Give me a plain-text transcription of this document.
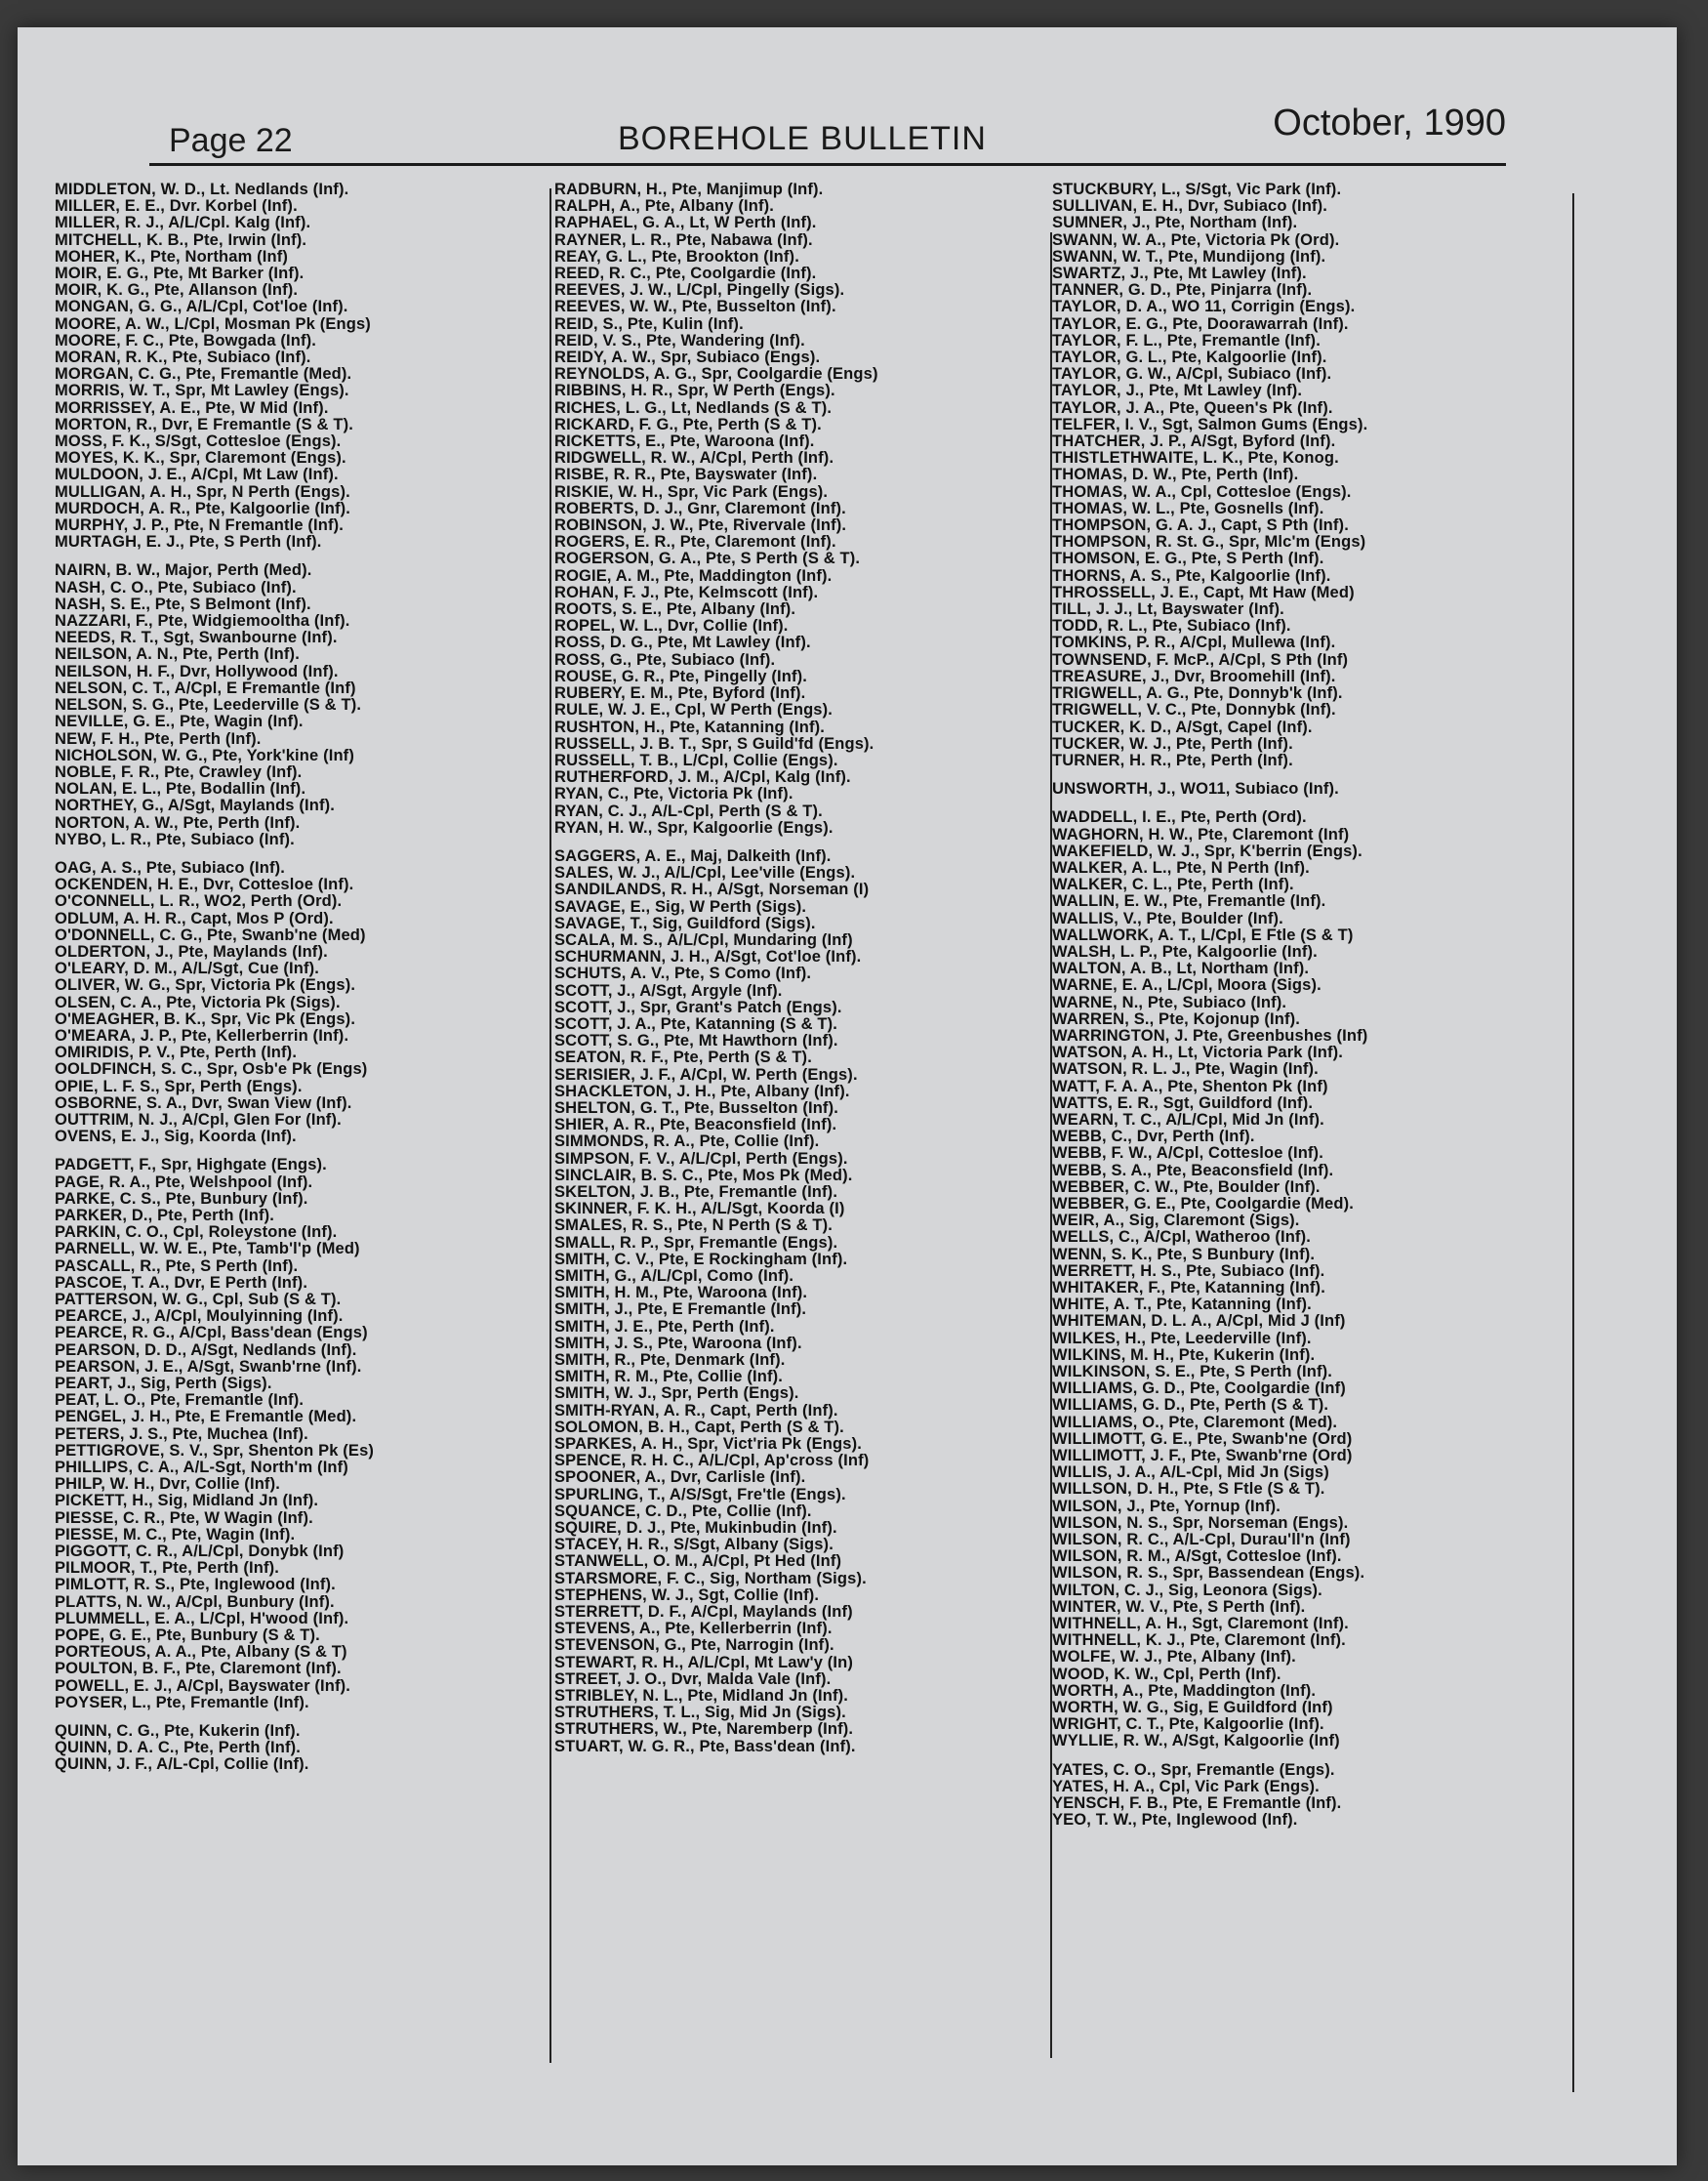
Page 22	BOREHOLE BULLETIN	October, 1990
MIDDLETON, W. D., Lt. Nedlands (Inf).
MILLER, E. E., Dvr. Korbel (Inf).
MILLER, R. J., A/L/Cpl. Kalg (Inf).
MITCHELL, K. B., Pte, Irwin (Inf).
MOHER, K., Pte, Northam (Inf)
MOIR, E. G., Pte, Mt Barker (Inf).
MOIR, K. G., Pte, Allanson (Inf).
MONGAN, G. G., A/L/Cpl, Cot'loe (Inf).
MOORE, A. W., L/Cpl, Mosman Pk (Engs)
MOORE, F. C., Pte, Bowgada (Inf).
MORAN, R. K., Pte, Subiaco (Inf).
MORGAN, C. G., Pte, Fremantle (Med).
MORRIS, W. T., Spr, Mt Lawley (Engs).
MORRISSEY, A. E., Pte, W Mid (Inf).
MORTON, R., Dvr, E Fremantle (S & T).
MOSS, F. K., S/Sgt, Cottesloe (Engs).
MOYES, K. K., Spr, Claremont (Engs).
MULDOON, J. E., A/Cpl, Mt Law (Inf).
MULLIGAN, A. H., Spr, N Perth (Engs).
MURDOCH, A. R., Pte, Kalgoorlie (Inf).
MURPHY, J. P., Pte, N Fremantle (Inf).
MURTAGH, E. J., Pte, S Perth (Inf).
NAIRN, B. W., Major, Perth (Med).
NASH, C. O., Pte, Subiaco (Inf).
NASH, S. E., Pte, S Belmont (Inf).
NAZZARI, F., Pte, Widgiemooltha (Inf).
NEEDS, R. T., Sgt, Swanbourne (Inf).
NEILSON, A. N., Pte, Perth (Inf).
NEILSON, H. F., Dvr, Hollywood (Inf).
NELSON, C. T., A/Cpl, E Fremantle (Inf)
NELSON, S. G., Pte, Leederville (S & T).
NEVILLE, G. E., Pte, Wagin (Inf).
NEW, F. H., Pte, Perth (Inf).
NICHOLSON, W. G., Pte, York'kine (Inf)
NOBLE, F. R., Pte, Crawley (Inf).
NOLAN, E. L., Pte, Bodallin (Inf).
NORTHEY, G., A/Sgt, Maylands (Inf).
NORTON, A. W., Pte, Perth (Inf).
NYBO, L. R., Pte, Subiaco (Inf).
OAG, A. S., Pte, Subiaco (Inf).
OCKENDEN, H. E., Dvr, Cottesloe (Inf).
O'CONNELL, L. R., WO2, Perth (Ord).
ODLUM, A. H. R., Capt, Mos P (Ord).
O'DONNELL, C. G., Pte, Swanb'ne (Med)
OLDERTON, J., Pte, Maylands (Inf).
O'LEARY, D. M., A/L/Sgt, Cue (Inf).
OLIVER, W. G., Spr, Victoria Pk (Engs).
OLSEN, C. A., Pte, Victoria Pk (Sigs).
O'MEAGHER, B. K., Spr, Vic Pk (Engs).
O'MEARA, J. P., Pte, Kellerberrin (Inf).
OMIRIDIS, P. V., Pte, Perth (Inf).
OOLDFINCH, S. C., Spr, Osb'e Pk (Engs)
OPIE, L. F. S., Spr, Perth (Engs).
OSBORNE, S. A., Dvr, Swan View (Inf).
OUTTRIM, N. J., A/Cpl, Glen For (Inf).
OVENS, E. J., Sig, Koorda (Inf).
PADGETT, F., Spr, Highgate (Engs).
PAGE, R. A., Pte, Welshpool (Inf).
PARKE, C. S., Pte, Bunbury (Inf).
PARKER, D., Pte, Perth (Inf).
PARKIN, C. O., Cpl, Roleystone (Inf).
PARNELL, W. W. E., Pte, Tamb'l'p (Med)
PASCALL, R., Pte, S Perth (Inf).
PASCOE, T. A., Dvr, E Perth (Inf).
PATTERSON, W. G., Cpl, Sub (S & T).
PEARCE, J., A/Cpl, Moulyinning (Inf).
PEARCE, R. G., A/Cpl, Bass'dean (Engs)
PEARSON, D. D., A/Sgt, Nedlands (Inf).
PEARSON, J. E., A/Sgt, Swanb'rne (Inf).
PEART, J., Sig, Perth (Sigs).
PEAT, L. O., Pte, Fremantle (Inf).
PENGEL, J. H., Pte, E Fremantle (Med).
PETERS, J. S., Pte, Muchea (Inf).
PETTIGROVE, S. V., Spr, Shenton Pk (Es)
PHILLIPS, C. A., A/L-Sgt, North'm (Inf)
PHILP, W. H., Dvr, Collie (Inf).
PICKETT, H., Sig, Midland Jn (Inf).
PIESSE, C. R., Pte, W Wagin (Inf).
PIESSE, M. C., Pte, Wagin (Inf).
PIGGOTT, C. R., A/L/Cpl, Donybk (Inf)
PILMOOR, T., Pte, Perth (Inf).
PIMLOTT, R. S., Pte, Inglewood (Inf).
PLATTS, N. W., A/Cpl, Bunbury (Inf).
PLUMMELL, E. A., L/Cpl, H'wood (Inf).
POPE, G. E., Pte, Bunbury (S & T).
PORTEOUS, A. A., Pte, Albany (S & T)
POULTON, B. F., Pte, Claremont (Inf).
POWELL, E. J., A/Cpl, Bayswater (Inf).
POYSER, L., Pte, Fremantle (Inf).
QUINN, C. G., Pte, Kukerin (Inf).
QUINN, D. A. C., Pte, Perth (Inf).
QUINN, J. F., A/L-Cpl, Collie (Inf).
RADBURN, H., Pte, Manjimup (Inf).
RALPH, A., Pte, Albany (Inf).
RAPHAEL, G. A., Lt, W Perth (Inf).
RAYNER, L. R., Pte, Nabawa (Inf).
REAY, G. L., Pte, Brookton (Inf).
REED, R. C., Pte, Coolgardie (Inf).
REEVES, J. W., L/Cpl, Pingelly (Sigs).
REEVES, W. W., Pte, Busselton (Inf).
REID, S., Pte, Kulin (Inf).
REID, V. S., Pte, Wandering (Inf).
REIDY, A. W., Spr, Subiaco (Engs).
REYNOLDS, A. G., Spr, Coolgardie (Engs)
RIBBINS, H. R., Spr, W Perth (Engs).
RICHES, L. G., Lt, Nedlands (S & T).
RICKARD, F. G., Pte, Perth (S & T).
RICKETTS, E., Pte, Waroona (Inf).
RIDGWELL, R. W., A/Cpl, Perth (Inf).
RISBE, R. R., Pte, Bayswater (Inf).
RISKIE, W. H., Spr, Vic Park (Engs).
ROBERTS, D. J., Gnr, Claremont (Inf).
ROBINSON, J. W., Pte, Rivervale (Inf).
ROGERS, E. R., Pte, Claremont (Inf).
ROGERSON, G. A., Pte, S Perth (S & T).
ROGIE, A. M., Pte, Maddington (Inf).
ROHAN, F. J., Pte, Kelmscott (Inf).
ROOTS, S. E., Pte, Albany (Inf).
ROPEL, W. L., Dvr, Collie (Inf).
ROSS, D. G., Pte, Mt Lawley (Inf).
ROSS, G., Pte, Subiaco (Inf).
ROUSE, G. R., Pte, Pingelly (Inf).
RUBERY, E. M., Pte, Byford (Inf).
RULE, W. J. E., Cpl, W Perth (Engs).
RUSHTON, H., Pte, Katanning (Inf).
RUSSELL, J. B. T., Spr, S Guild'fd (Engs).
RUSSELL, T. B., L/Cpl, Collie (Engs).
RUTHERFORD, J. M., A/Cpl, Kalg (Inf).
RYAN, C., Pte, Victoria Pk (Inf).
RYAN, C. J., A/L-Cpl, Perth (S & T).
RYAN, H. W., Spr, Kalgoorlie (Engs).
SAGGERS, A. E., Maj, Dalkeith (Inf).
SALES, W. J., A/L/Cpl, Lee'ville (Engs).
SANDILANDS, R. H., A/Sgt, Norseman (I)
SAVAGE, E., Sig, W Perth (Sigs).
SAVAGE, T., Sig, Guildford (Sigs).
SCALA, M. S., A/L/Cpl, Mundaring (Inf)
SCHURMANN, J. H., A/Sgt, Cot'loe (Inf).
SCHUTS, A. V., Pte, S Como (Inf).
SCOTT, J., A/Sgt, Argyle (Inf).
SCOTT, J., Spr, Grant's Patch (Engs).
SCOTT, J. A., Pte, Katanning (S & T).
SCOTT, S. G., Pte, Mt Hawthorn (Inf).
SEATON, R. F., Pte, Perth (S & T).
SERISIER, J. F., A/Cpl, W. Perth (Engs).
SHACKLETON, J. H., Pte, Albany (Inf).
SHELTON, G. T., Pte, Busselton (Inf).
SHIER, A. R., Pte, Beaconsfield (Inf).
SIMMONDS, R. A., Pte, Collie (Inf).
SIMPSON, F. V., A/L/Cpl, Perth (Engs).
SINCLAIR, B. S. C., Pte, Mos Pk (Med).
SKELTON, J. B., Pte, Fremantle (Inf).
SKINNER, F. K. H., A/L/Sgt, Koorda (I)
SMALES, R. S., Pte, N Perth (S & T).
SMALL, R. P., Spr, Fremantle (Engs).
SMITH, C. V., Pte, E Rockingham (Inf).
SMITH, G., A/L/Cpl, Como (Inf).
SMITH, H. M., Pte, Waroona (Inf).
SMITH, J., Pte, E Fremantle (Inf).
SMITH, J. E., Pte, Perth (Inf).
SMITH, J. S., Pte, Waroona (Inf).
SMITH, R., Pte, Denmark (Inf).
SMITH, R. M., Pte, Collie (Inf).
SMITH, W. J., Spr, Perth (Engs).
SMITH-RYAN, A. R., Capt, Perth (Inf).
SOLOMON, B. H., Capt, Perth (S & T).
SPARKES, A. H., Spr, Vict'ria Pk (Engs).
SPENCE, R. H. C., A/L/Cpl, Ap'cross (Inf)
SPOONER, A., Dvr, Carlisle (Inf).
SPURLING, T., A/S/Sgt, Fre'tle (Engs).
SQUANCE, C. D., Pte, Collie (Inf).
SQUIRE, D. J., Pte, Mukinbudin (Inf).
STACEY, H. R., S/Sgt, Albany (Sigs).
STANWELL, O. M., A/Cpl, Pt Hed (Inf)
STARSMORE, F. C., Sig, Northam (Sigs).
STEPHENS, W. J., Sgt, Collie (Inf).
STERRETT, D. F., A/Cpl, Maylands (Inf)
STEVENS, A., Pte, Kellerberrin (Inf).
STEVENSON, G., Pte, Narrogin (Inf).
STEWART, R. H., A/L/Cpl, Mt Law'y (In)
STREET, J. O., Dvr, Malda Vale (Inf).
STRIBLEY, N. L., Pte, Midland Jn (Inf).
STRUTHERS, T. L., Sig, Mid Jn (Sigs).
STRUTHERS, W., Pte, Naremberp (Inf).
STUART, W. G. R., Pte, Bass'dean (Inf).
STUCKBURY, L., S/Sgt, Vic Park (Inf).
SULLIVAN, E. H., Dvr, Subiaco (Inf).
SUMNER, J., Pte, Northam (Inf).
SWANN, W. A., Pte, Victoria Pk (Ord).
SWANN, W. T., Pte, Mundijong (Inf).
SWARTZ, J., Pte, Mt Lawley (Inf).
TANNER, G. D., Pte, Pinjarra (Inf).
TAYLOR, D. A., WO 11, Corrigin (Engs).
TAYLOR, E. G., Pte, Doorawarrah (Inf).
TAYLOR, F. L., Pte, Fremantle (Inf).
TAYLOR, G. L., Pte, Kalgoorlie (Inf).
TAYLOR, G. W., A/Cpl, Subiaco (Inf).
TAYLOR, J., Pte, Mt Lawley (Inf).
TAYLOR, J. A., Pte, Queen's Pk (Inf).
TELFER, I. V., Sgt, Salmon Gums (Engs).
THATCHER, J. P., A/Sgt, Byford (Inf).
THISTLETHWAITE, L. K., Pte, Konog.
THOMAS, D. W., Pte, Perth (Inf).
THOMAS, W. A., Cpl, Cottesloe (Engs).
THOMAS, W. L., Pte, Gosnells (Inf).
THOMPSON, G. A. J., Capt, S Pth (Inf).
THOMPSON, R. St. G., Spr, Mlc'm (Engs)
THOMSON, E. G., Pte, S Perth (Inf).
THORNS, A. S., Pte, Kalgoorlie (Inf).
THROSSELL, J. E., Capt, Mt Haw (Med)
TILL, J. J., Lt, Bayswater (Inf).
TODD, R. L., Pte, Subiaco (Inf).
TOMKINS, P. R., A/Cpl, Mullewa (Inf).
TOWNSEND, F. McP., A/Cpl, S Pth (Inf)
TREASURE, J., Dvr, Broomehill (Inf).
TRIGWELL, A. G., Pte, Donnyb'k (Inf).
TRIGWELL, V. C., Pte, Donnybk (Inf).
TUCKER, K. D., A/Sgt, Capel (Inf).
TUCKER, W. J., Pte, Perth (Inf).
TURNER, H. R., Pte, Perth (Inf).
UNSWORTH, J., WO11, Subiaco (Inf).
WADDELL, I. E., Pte, Perth (Ord).
WAGHORN, H. W., Pte, Claremont (Inf)
WAKEFIELD, W. J., Spr, K'berrin (Engs).
WALKER, A. L., Pte, N Perth (Inf).
WALKER, C. L., Pte, Perth (Inf).
WALLIN, E. W., Pte, Fremantle (Inf).
WALLIS, V., Pte, Boulder (Inf).
WALLWORK, A. T., L/Cpl, E Ftle (S & T)
WALSH, L. P., Pte, Kalgoorlie (Inf).
WALTON, A. B., Lt, Northam (Inf).
WARNE, E. A., L/Cpl, Moora (Sigs).
WARNE, N., Pte, Subiaco (Inf).
WARREN, S., Pte, Kojonup (Inf).
WARRINGTON, J. Pte, Greenbushes (Inf)
WATSON, A. H., Lt, Victoria Park (Inf).
WATSON, R. L. J., Pte, Wagin (Inf).
WATT, F. A. A., Pte, Shenton Pk (Inf)
WATTS, E. R., Sgt, Guildford (Inf).
WEARN, T. C., A/L/Cpl, Mid Jn (Inf).
WEBB, C., Dvr, Perth (Inf).
WEBB, F. W., A/Cpl, Cottesloe (Inf).
WEBB, S. A., Pte, Beaconsfield (Inf).
WEBBER, C. W., Pte, Boulder (Inf).
WEBBER, G. E., Pte, Coolgardie (Med).
WEIR, A., Sig, Claremont (Sigs).
WELLS, C., A/Cpl, Watheroo (Inf).
WENN, S. K., Pte, S Bunbury (Inf).
WERRETT, H. S., Pte, Subiaco (Inf).
WHITAKER, F., Pte, Katanning (Inf).
WHITE, A. T., Pte, Katanning (Inf).
WHITEMAN, D. L. A., A/Cpl, Mid J (Inf)
WILKES, H., Pte, Leederville (Inf).
WILKINS, M. H., Pte, Kukerin (Inf).
WILKINSON, S. E., Pte, S Perth (Inf).
WILLIAMS, G. D., Pte, Coolgardie (Inf)
WILLIAMS, G. D., Pte, Perth (S & T).
WILLIAMS, O., Pte, Claremont (Med).
WILLIMOTT, G. E., Pte, Swanb'ne (Ord)
WILLIMOTT, J. F., Pte, Swanb'rne (Ord)
WILLIS, J. A., A/L-Cpl, Mid Jn (Sigs)
WILLSON, D. H., Pte, S Ftle (S & T).
WILSON, J., Pte, Yornup (Inf).
WILSON, N. S., Spr, Norseman (Engs).
WILSON, R. C., A/L-Cpl, Durau'll'n (Inf)
WILSON, R. M., A/Sgt, Cottesloe (Inf).
WILSON, R. S., Spr, Bassendean (Engs).
WILTON, C. J., Sig, Leonora (Sigs).
WINTER, W. V., Pte, S Perth (Inf).
WITHNELL, A. H., Sgt, Claremont (Inf).
WITHNELL, K. J., Pte, Claremont (Inf).
WOLFE, W. J., Pte, Albany (Inf).
WOOD, K. W., Cpl, Perth (Inf).
WORTH, A., Pte, Maddington (Inf).
WORTH, W. G., Sig, E Guildford (Inf)
WRIGHT, C. T., Pte, Kalgoorlie (Inf).
WYLLIE, R. W., A/Sgt, Kalgoorlie (Inf)
YATES, C. O., Spr, Fremantle (Engs).
YATES, H. A., Cpl, Vic Park (Engs).
YENSCH, F. B., Pte, E Fremantle (Inf).
YEO, T. W., Pte, Inglewood (Inf).
